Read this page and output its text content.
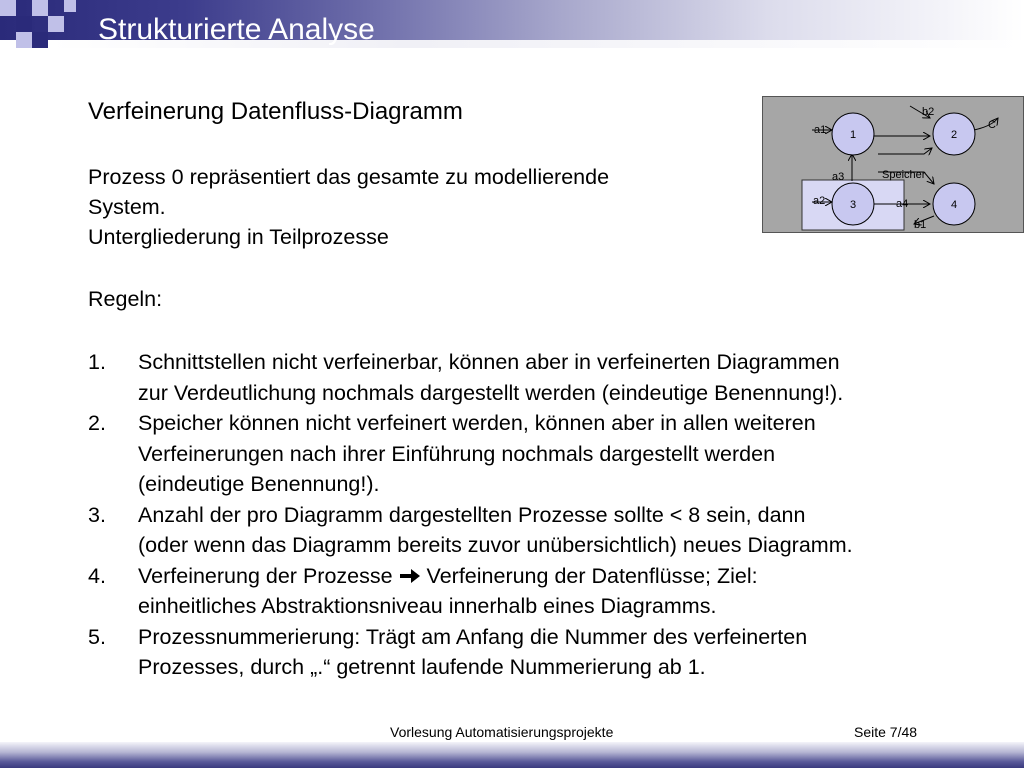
Strukturierte Analyse
Verfeinerung Datenfluss-Diagramm
Prozess 0 repräsentiert das gesamte zu modellierende
System.
Untergliederung in Teilprozesse
Regeln:
1.	Schnittstellen nicht verfeinerbar, können aber in verfeinerten Diagrammen
zur Verdeutlichung nochmals dargestellt werden (eindeutige Benennung!).
2.	Speicher können nicht verfeinert werden, können aber in allen weiteren
Verfeinerungen nach ihrer Einführung nochmals dargestellt werden
(eindeutige Benennung!).
3.	Anzahl der pro Diagramm dargestellten Prozesse sollte < 8 sein, dann
(oder wenn das Diagramm bereits zuvor unübersichtlich) neues Diagramm.
4.	Verfeinerung der Prozesse Verfeinerung der Datenflüsse; Ziel:
einheitliches Abstraktionsniveau innerhalb eines Diagramms.
5.	Prozessnummerierung: Trägt am Anfang die Nummer des verfeinerten
Prozesses, durch „.“ getrennt laufende Nummerierung ab 1.
1	2
3	4
a1
a2
a3
a4
b1
b2
C
Speicher
Vorlesung Automatisierungsprojekte	Seite 7/48
